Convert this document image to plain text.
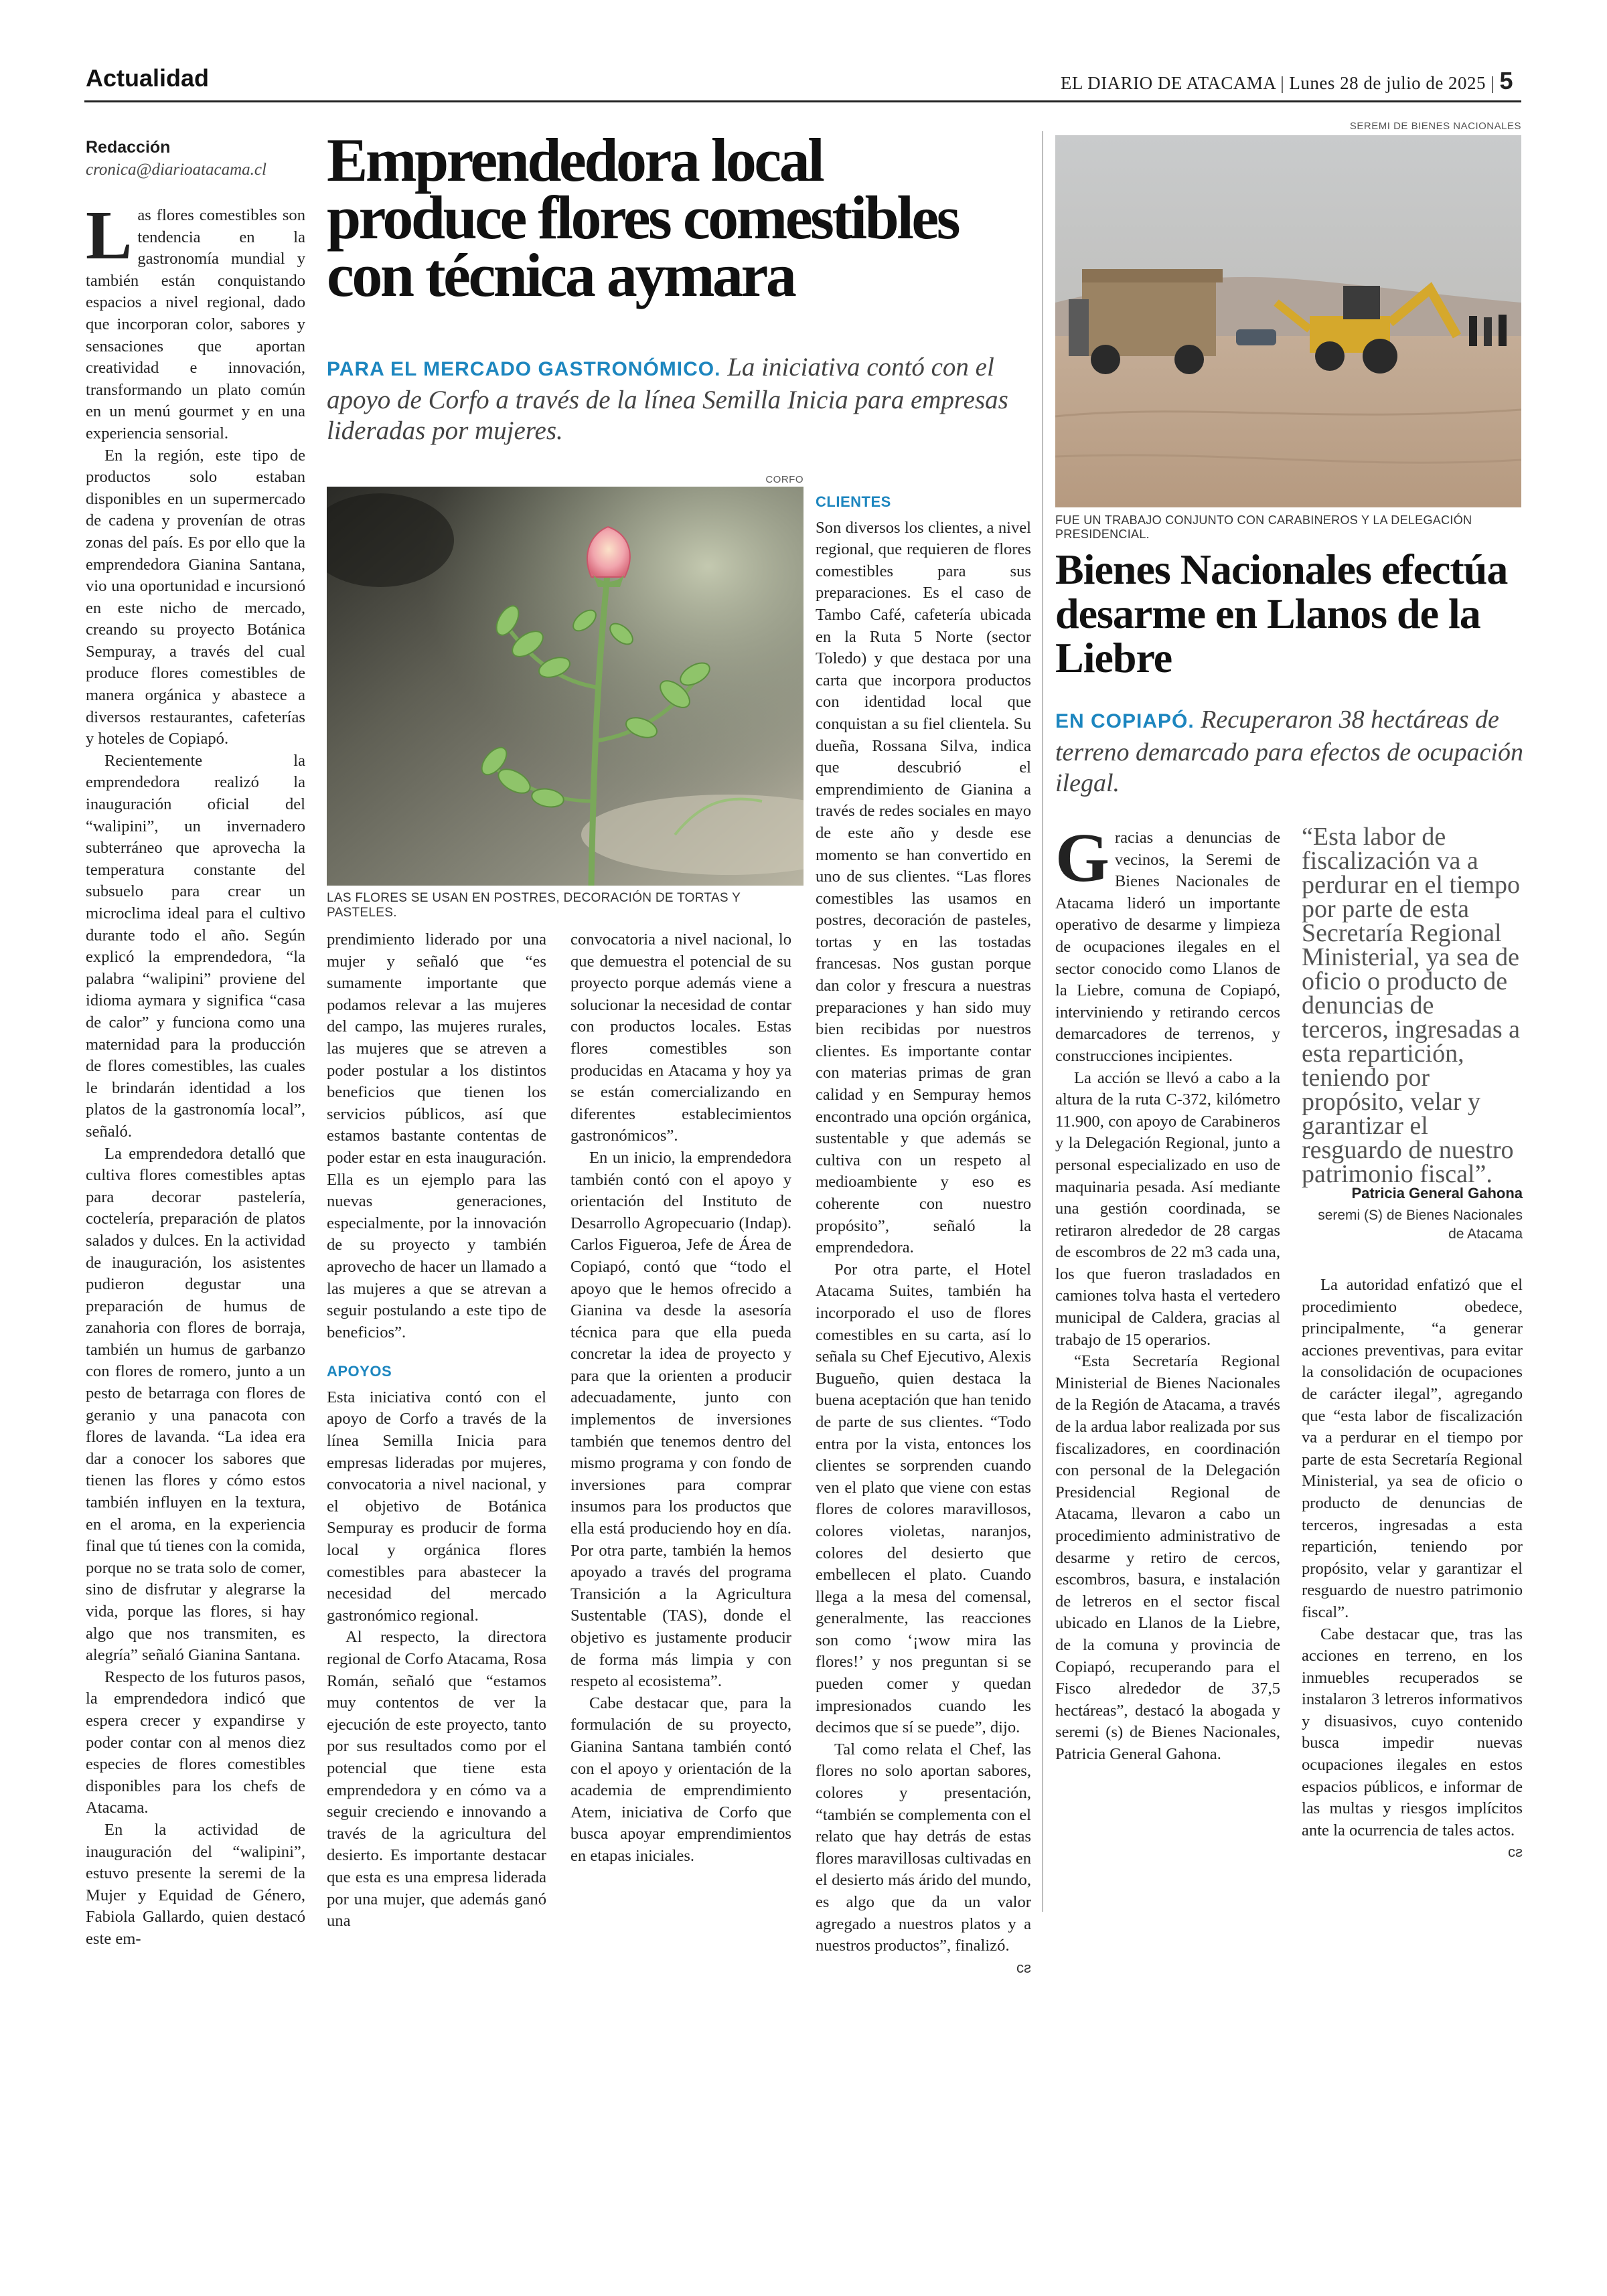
Actualidad	EL DIARIO DE ATACAMA | Lunes 28 de julio de 2025 | 5
Redacción
cronica@diarioatacama.cl Emprendedora local produce flores comestibles con técnica aymara

PARA EL MERCADO GASTRONÓMICO. La iniciativa contó con el apoyo de Corfo a través de la línea Semilla Inicia para empresas lideradas por mujeres.

Las flores comestibles son tendencia en la gastronomía mundial y también están conquistando espacios a nivel regional, dado que incorporan color, sabores y sensaciones que aportan creatividad e innovación, transformando un plato común en un menú gourmet y en una experiencia sensorial.

En la región, este tipo de productos solo estaban disponibles en un supermercado de cadena y provenían de otras zonas del país. Es por ello que la emprendedora Gianina Santana, vio una oportunidad e incursionó en este nicho de mercado, creando su proyecto Botánica Sempuray, a través del cual produce flores comestibles de manera orgánica y abastece a diversos restaurantes, cafeterías y hoteles de Copiapó.

Recientemente la emprendedora realizó la inauguración oficial del “walipini”, un invernadero subterráneo que aprovecha la temperatura constante del subsuelo para crear un microclima ideal para el cultivo durante todo el año. Según explicó la emprendedora, “la palabra “walipini” proviene del idioma aymara y significa “casa de calor” y funciona como una maternidad para la producción de flores comestibles, las cuales le brindarán identidad a los platos de la gastronomía local”, señaló.

La emprendedora detalló que cultiva flores comestibles aptas para decorar pastelería, coctelería, preparación de platos salados y dulces. En la actividad de inauguración, los asistentes pudieron degustar una preparación de humus de zanahoria con flores de borraja, también un humus de garbanzo con flores de romero, junto a un pesto de betarraga con flores de geranio y una panacota con flores de lavanda. “La idea era dar a conocer los sabores que tienen las flores y cómo estos también influyen en la textura, en el aroma, en la experiencia final que tú tienes con la comida, porque no se trata solo de comer, sino de disfrutar y alegrarse la vida, porque las flores, si hay algo que nos transmiten, es alegría” señaló Gianina Santana.

Respecto de los futuros pasos, la emprendedora indicó que espera crecer y expandirse y poder contar con al menos diez especies de flores comestibles disponibles para los chefs de Atacama.

En la actividad de inauguración del “walipini”, estuvo presente la seremi de la Mujer y Equidad de Género, Fabiola Gallardo, quien destacó este em-

CORFO
LAS FLORES SE USAN EN POSTRES, DECORACIÓN DE TORTAS Y PASTELES.
CLIENTES

Son diversos los clientes, a nivel regional, que requieren de flores comestibles para sus preparaciones. Es el caso de Tambo Café, cafetería ubicada en la Ruta 5 Norte (sector Toledo) y que destaca por una carta que incorpora productos con identidad local que conquistan a su fiel clientela. Su dueña, Rossana Silva, indica que descubrió el emprendimiento de Gianina a través de redes sociales en mayo de este año y desde ese momento se han convertido en uno de sus clientes. “Las flores comestibles las usamos en postres, decoración de pasteles, tortas y en las tostadas francesas. Nos gustan porque dan color y frescura a nuestras preparaciones y han sido muy bien recibidas por nuestros clientes. Es importante contar con materias primas de gran calidad y en Sempuray hemos encontrado una opción orgánica, sustentable y que además se cultiva con un respeto al medioambiente y eso es coherente con nuestro propósito”, señaló la emprendedora.

Por otra parte, el Hotel Atacama Suites, también ha incorporado el uso de flores comestibles en su carta, así lo señala su Chef Ejecutivo, Alexis Bugueño, quien destaca la buena aceptación que han tenido de parte de sus clientes. “Todo entra por la vista, entonces los clientes se sorprenden cuando ven el plato que viene con estas flores de colores maravillosos, colores violetas, naranjos, colores del desierto que embellecen el plato. Cuando llega a la mesa del comensal, generalmente, las reacciones son como ‘¡wow mira las flores!’ y nos preguntan si se pueden comer y quedan impresionados cuando les decimos que sí se puede”, dijo.

Tal como relata el Chef, las flores no solo aportan sabores, colores y presentación, “también se complementa con el relato que hay detrás de estas flores maravillosas cultivadas en el desierto más árido del mundo, es algo que da un valor agregado a nuestros platos y a nuestros productos”, finalizó.

ᴄƨ

prendimiento liderado por una mujer y señaló que “es sumamente importante que podamos relevar a las mujeres del campo, las mujeres rurales, las mujeres que se atreven a poder postular a los distintos beneficios que tienen los servicios públicos, así que estamos bastante contentas de poder estar en esta inauguración. Ella es un ejemplo para las nuevas generaciones, especialmente, por la innovación de su proyecto y también aprovecho de hacer un llamado a las mujeres a que se atrevan a seguir postulando a este tipo de beneficios”.

APOYOS

Esta iniciativa contó con el apoyo de Corfo a través de la línea Semilla Inicia para empresas lideradas por mujeres, convocatoria a nivel nacional, y el objetivo de Botánica Sempuray es producir de forma local y orgánica flores comestibles para abastecer la necesidad del mercado gastronómico regional.

Al respecto, la directora regional de Corfo Atacama, Rosa Román, señaló que “estamos muy contentos de ver la ejecución de este proyecto, tanto por sus resultados como por el potencial que tiene esta emprendedora y en cómo va a seguir creciendo e innovando a través de la agricultura del desierto. Es importante destacar que esta es una empresa liderada por una mujer, que además ganó una

convocatoria a nivel nacional, lo que demuestra el potencial de su proyecto porque además viene a solucionar la necesidad de contar con productos locales. Estas flores comestibles son producidas en Atacama y hoy ya se están comercializando en diferentes establecimientos gastronómicos”.

En un inicio, la emprendedora también contó con el apoyo y orientación del Instituto de Desarrollo Agropecuario (Indap). Carlos Figueroa, Jefe de Área de Copiapó, contó que “todo el apoyo que le hemos ofrecido a Gianina va desde la asesoría técnica para que ella pueda concretar la idea de proyecto y para que la orienten a producir adecuadamente, junto con implementos de inversiones también que tenemos dentro del mismo programa y con fondo de inversiones para comprar insumos para los productos que ella está produciendo hoy en día. Por otra parte, también la hemos apoyado a través del programa Transición a la Agricultura Sustentable (TAS), donde el objetivo es justamente producir de forma más limpia y con respeto al ecosistema”.

Cabe destacar que, para la formulación de su proyecto, Gianina Santana también contó con el apoyo y orientación de la academia de emprendimiento Atem, iniciativa de Corfo que busca apoyar emprendimientos en etapas iniciales.

SEREMI DE BIENES NACIONALES
FUE UN TRABAJO CONJUNTO CON CARABINEROS Y LA DELEGACIÓN PRESIDENCIAL.
Bienes Nacionales efectúa desarme en Llanos de la Liebre

EN COPIAPÓ. Recuperaron 38 hectáreas de terreno demarcado para efectos de ocupación ilegal.

Gracias a denuncias de vecinos, la Seremi de Bienes Nacionales de Atacama lideró un importante operativo de desarme y limpieza de ocupaciones ilegales en el sector conocido como Llanos de la Liebre, comuna de Copiapó, interviniendo y retirando cercos demarcadores de terrenos, y construcciones incipientes.

La acción se llevó a cabo a la altura de la ruta C-372, kilómetro 11.900, con apoyo de Carabineros y la Delegación Regional, junto a personal especializado en uso de maquinaria pesada. Así mediante una gestión coordinada, se retiraron alrededor de 28 cargas de escombros de 22 m3 cada una, los que fueron trasladados en camiones tolva hasta el vertedero municipal de Caldera, gracias al trabajo de 15 operarios.

“Esta Secretaría Regional Ministerial de Bienes Nacionales de la Región de Atacama, a través de la ardua labor realizada por sus fiscalizadores, en coordinación con personal de la Delegación Presidencial Regional de Atacama, llevaron a cabo un procedimiento administrativo de desarme y retiro de cercos, escombros, basura, e instalación de letreros en el sector fiscal ubicado en Llanos de la Liebre, de la comuna y provincia de Copiapó, recuperando para el Fisco alrededor de 37,5 hectáreas”, destacó la abogada y seremi (s) de Bienes Nacionales, Patricia General Gahona.

“Esta labor de fiscalización va a perdurar en el tiempo por parte de esta Secretaría Regional Ministerial, ya sea de oficio o producto de denuncias de terceros, ingresadas a esta repartición, teniendo por propósito, velar y garantizar el resguardo de nuestro patrimonio fiscal”.

Patricia General Gahona
seremi (S) de Bienes Nacionales de Atacama

La autoridad enfatizó que el procedimiento obedece, principalmente, “a generar acciones preventivas, para evitar la consolidación de ocupaciones de carácter ilegal”, agregando que “esta labor de fiscalización va a perdurar en el tiempo por parte de esta Secretaría Regional Ministerial, ya sea de oficio o producto de denuncias de terceros, ingresadas a esta repartición, teniendo por propósito, velar y garantizar el resguardo de nuestro patrimonio fiscal”.

Cabe destacar que, tras las acciones en terreno, en los inmuebles recuperados se instalaron 3 letreros informativos y disuasivos, cuyo contenido busca impedir nuevas ocupaciones ilegales en estos espacios públicos, e informar de las multas y riesgos implícitos ante la ocurrencia de tales actos.

ᴄƨ
